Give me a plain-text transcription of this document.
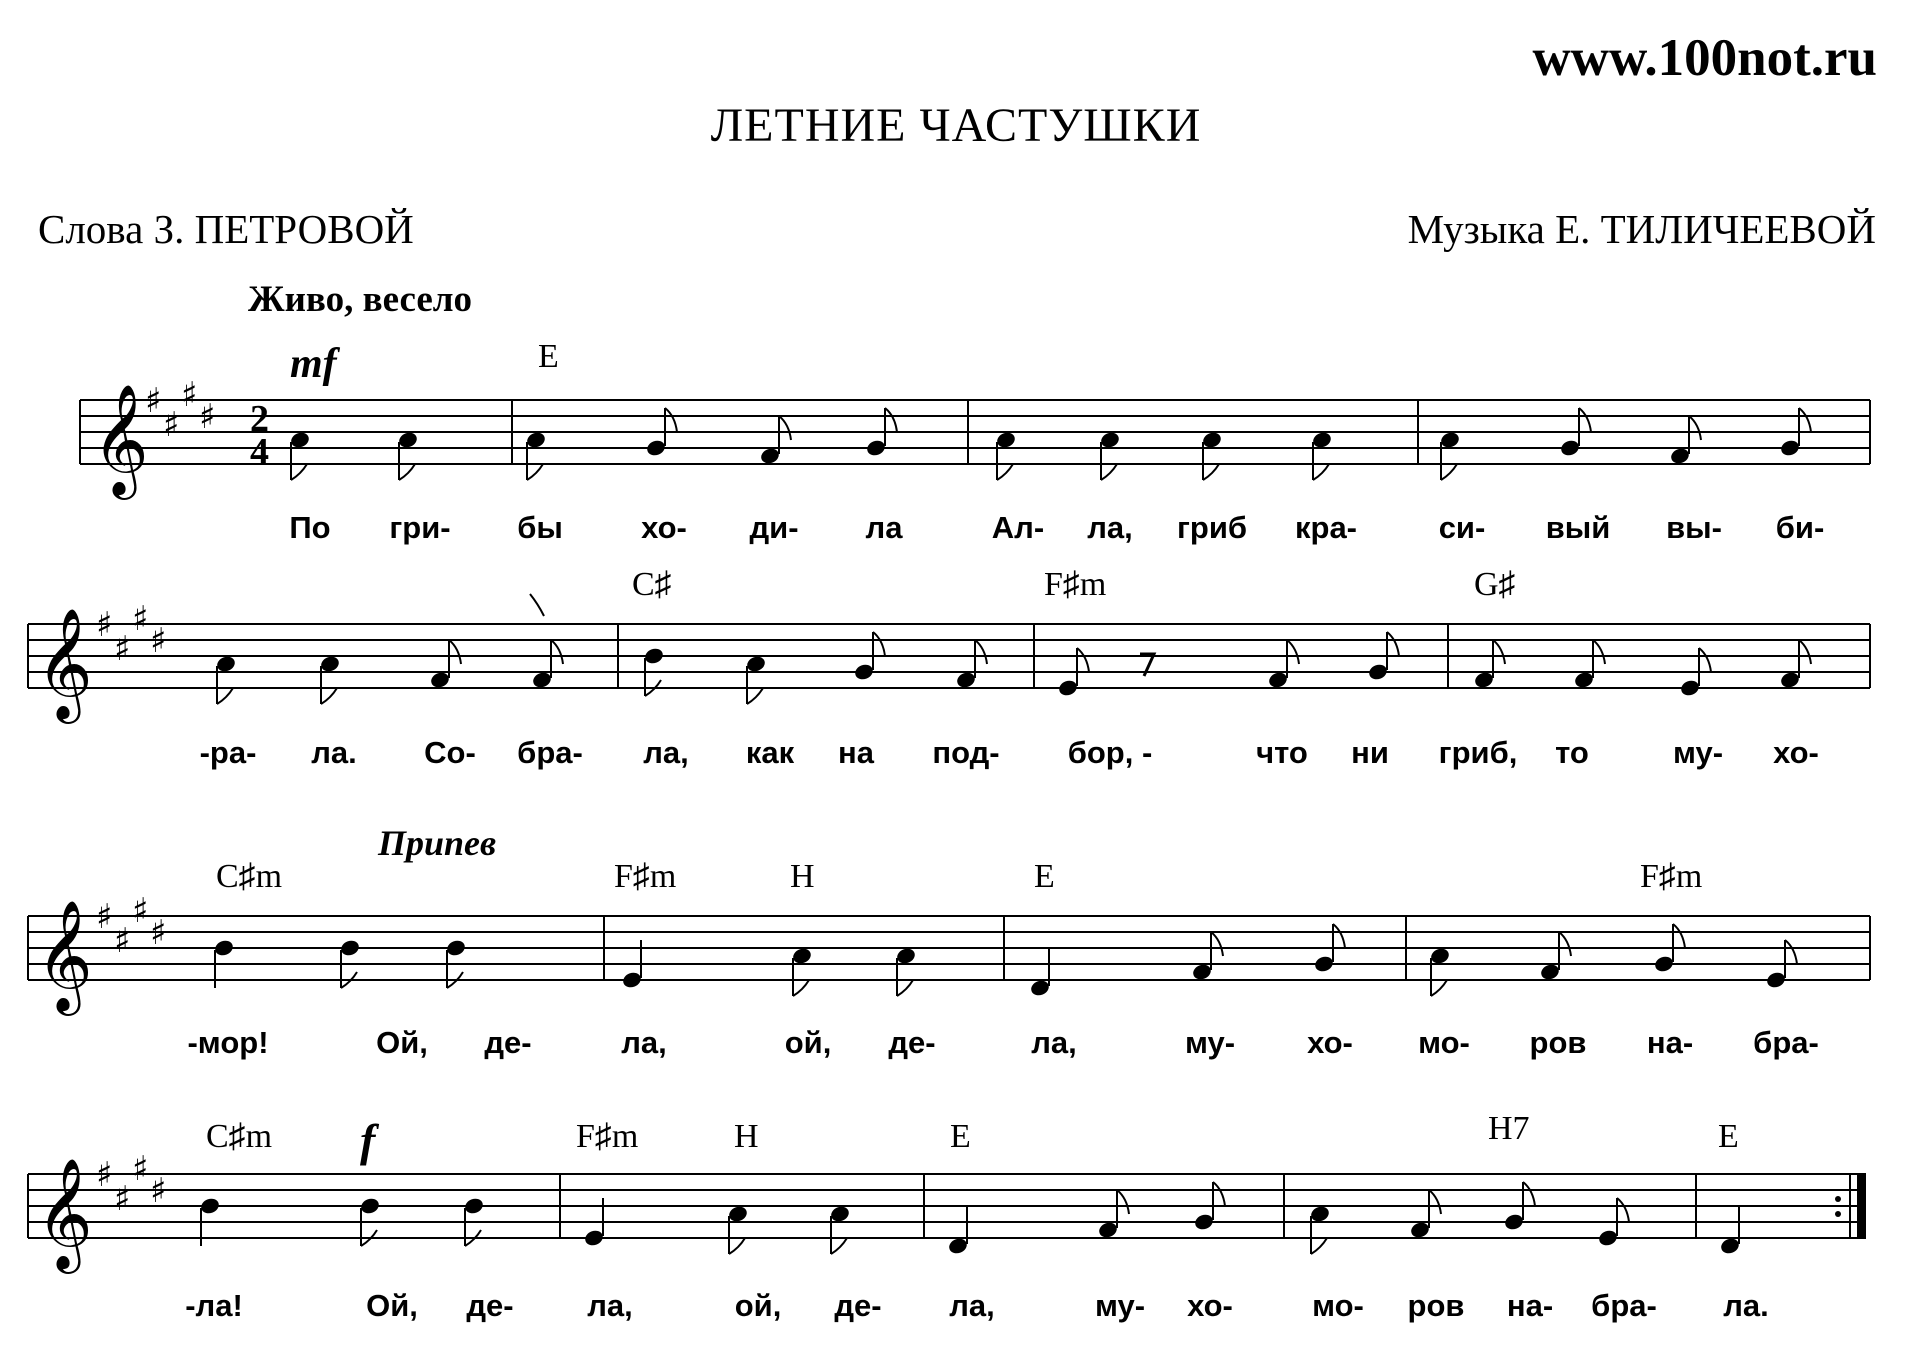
www.100not.ru
ЛЕТНИЕ ЧАСТУШКИ
Слова З. ПЕТРОВОЙ	Музыка Е. ТИЛИЧЕЕВОЙ
Живо, весело
Припев
mf	E
𝄞
♯
♯
♯
♯ 2
4
По гри- бы	хо- ди- ла	Ал- ла, гриб кра-	си- вый вы- би-
C♯	F♯m	G♯
𝄞 ♯
♯
♯
♯
-ра- ла. Со- бра- ла, как на под- бор, -	что ни гриб, то	му- хо-
C♯m	F♯m	H	E	F♯m
𝄞 ♯
♯
♯
♯
-мор!	Ой, де-	ла,	ой, де-	ла,	му- хо- мо- ров на- бра-
C♯m f	F♯m	H	E	H7	E
𝄞 ♯
♯
♯
♯
-ла!	Ой, де- ла,	ой, де- ла,	му- хо-	мо- ров на- бра- ла.
